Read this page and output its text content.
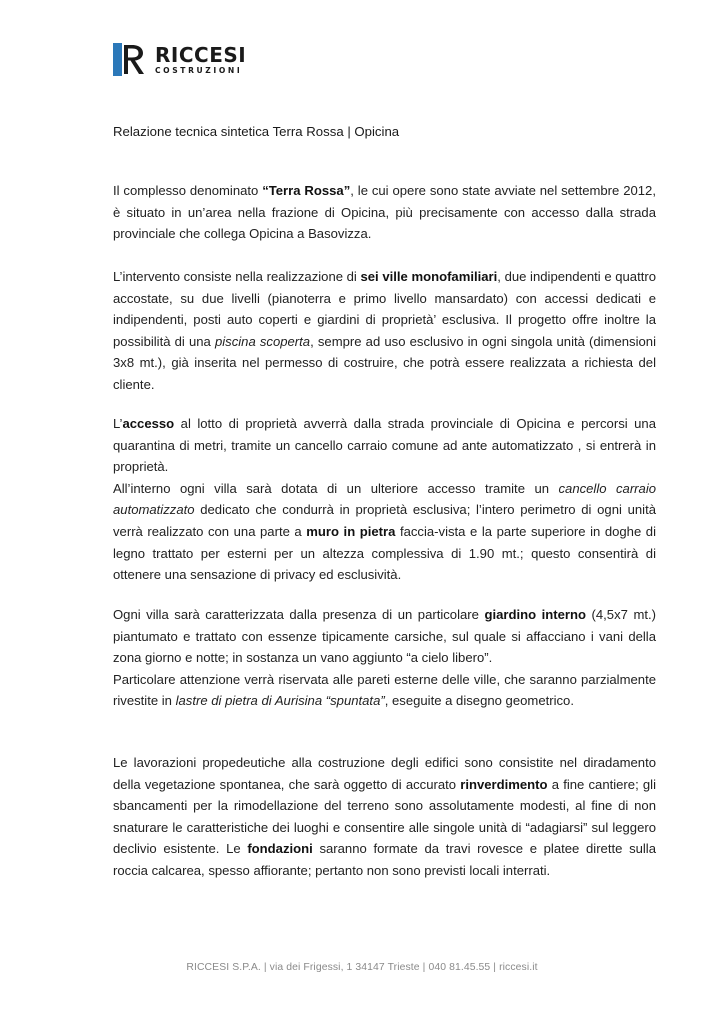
RICCESI
COSTRUZIONI
Relazione tecnica sintetica Terra Rossa | Opicina
Il complesso denominato “Terra Rossa”, le cui opere sono state avviate nel settembre 2012, è situato in un’area nella frazione di Opicina, più precisamente con accesso dalla strada provinciale che collega Opicina a Basovizza.
L’intervento consiste nella realizzazione di sei ville monofamiliari, due indipendenti e quattro accostate, su due livelli (pianoterra e primo livello mansardato) con accessi dedicati e indipendenti, posti auto coperti e giardini di proprietà’ esclusiva. Il progetto offre inoltre la possibilità di una piscina scoperta, sempre ad uso esclusivo in ogni singola unità (dimensioni 3x8 mt.), già inserita nel permesso di costruire, che potrà essere realizzata a richiesta del cliente.
L’accesso al lotto di proprietà avverrà dalla strada provinciale di Opicina e percorsi una quarantina di metri, tramite un cancello carraio comune ad ante automatizzato , si entrerà in proprietà.
All’interno ogni villa sarà dotata di un ulteriore accesso tramite un cancello carraio automatizzato dedicato che condurrà in proprietà esclusiva; l’intero perimetro di ogni unità verrà realizzato con una parte a muro in pietra faccia-vista e la parte superiore in doghe di legno trattato per esterni per un altezza complessiva di 1.90 mt.; questo consentirà di ottenere una sensazione di privacy ed esclusività.
Ogni villa sarà caratterizzata dalla presenza di un particolare giardino interno (4,5x7 mt.) piantumato e trattato con essenze tipicamente carsiche, sul quale si affacciano i vani della zona giorno e notte; in sostanza un vano aggiunto “a cielo libero”.
Particolare attenzione verrà riservata alle pareti esterne delle ville, che saranno parzialmente rivestite in lastre di pietra di Aurisina “spuntata”, eseguite a disegno geometrico.
Le lavorazioni propedeutiche alla costruzione degli edifici sono consistite nel diradamento della vegetazione spontanea, che sarà oggetto di accurato rinverdimento a fine cantiere; gli sbancamenti per la rimodellazione del terreno sono assolutamente modesti, al fine di non snaturare le caratteristiche dei luoghi e consentire alle singole unità di “adagiarsi” sul leggero declivio esistente. Le fondazioni saranno formate da travi rovesce e platee dirette sulla roccia calcarea, spesso affiorante; pertanto non sono previsti locali interrati.
RICCESI S.P.A. | via dei Frigessi, 1 34147 Trieste | 040 81.45.55 | riccesi.it
